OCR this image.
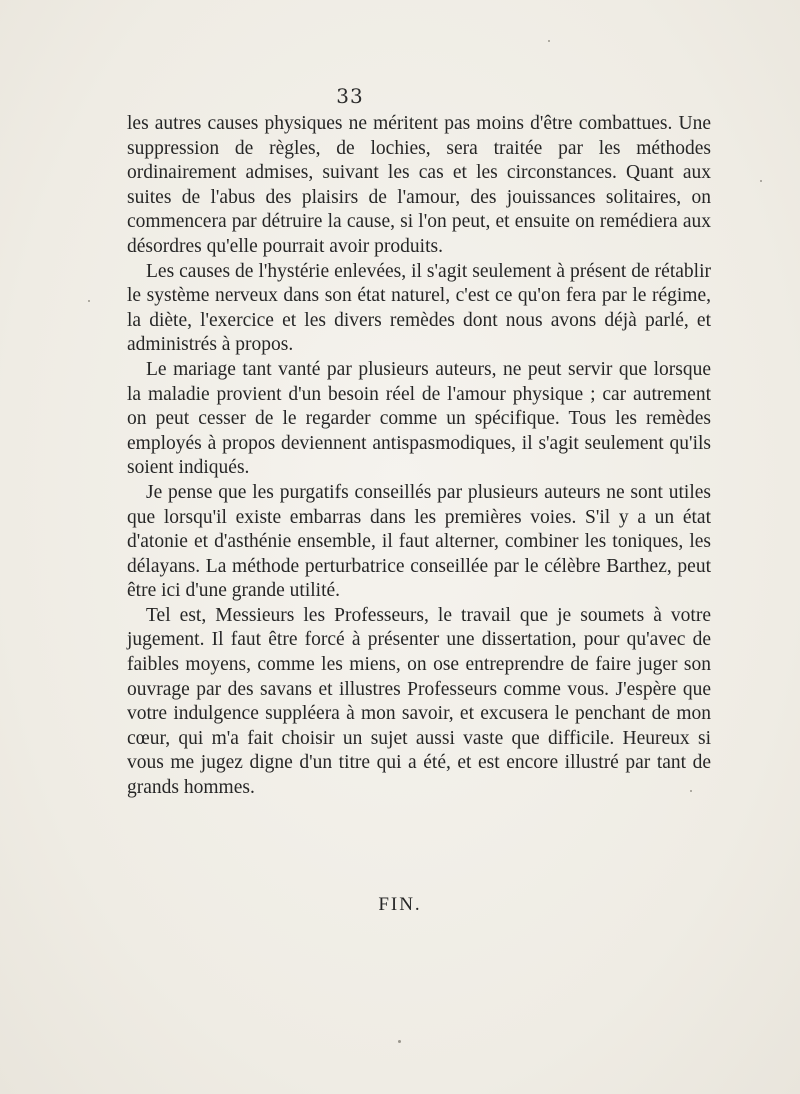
33

les autres causes physiques ne méritent pas moins d'être combattues. Une suppression de règles, de lochies, sera traitée par les méthodes ordinairement admises, suivant les cas et les circonstances. Quant aux suites de l'abus des plaisirs de l'amour, des jouissances solitaires, on commencera par détruire la cause, si l'on peut, et ensuite on remédiera aux désordres qu'elle pourrait avoir produits.

Les causes de l'hystérie enlevées, il s'agit seulement à présent de rétablir le système nerveux dans son état naturel, c'est ce qu'on fera par le régime, la diète, l'exercice et les divers remèdes dont nous avons déjà parlé, et administrés à propos.

Le mariage tant vanté par plusieurs auteurs, ne peut servir que lorsque la maladie provient d'un besoin réel de l'amour physique ; car autrement on peut cesser de le regarder comme un spécifique. Tous les remèdes employés à propos deviennent antispasmodiques, il s'agit seulement qu'ils soient indiqués.

Je pense que les purgatifs conseillés par plusieurs auteurs ne sont utiles que lorsqu'il existe embarras dans les premières voies. S'il y a un état d'atonie et d'asthénie ensemble, il faut alterner, combiner les toniques, les délayans. La méthode perturbatrice conseillée par le célèbre Barthez, peut être ici d'une grande utilité.

Tel est, Messieurs les Professeurs, le travail que je soumets à votre jugement. Il faut être forcé à présenter une dissertation, pour qu'avec de faibles moyens, comme les miens, on ose entreprendre de faire juger son ouvrage par des savans et illustres Professeurs comme vous. J'espère que votre indulgence suppléera à mon savoir, et excusera le penchant de mon cœur, qui m'a fait choisir un sujet aussi vaste que difficile. Heureux si vous me jugez digne d'un titre qui a été, et est encore illustré par tant de grands hommes.

FIN.
